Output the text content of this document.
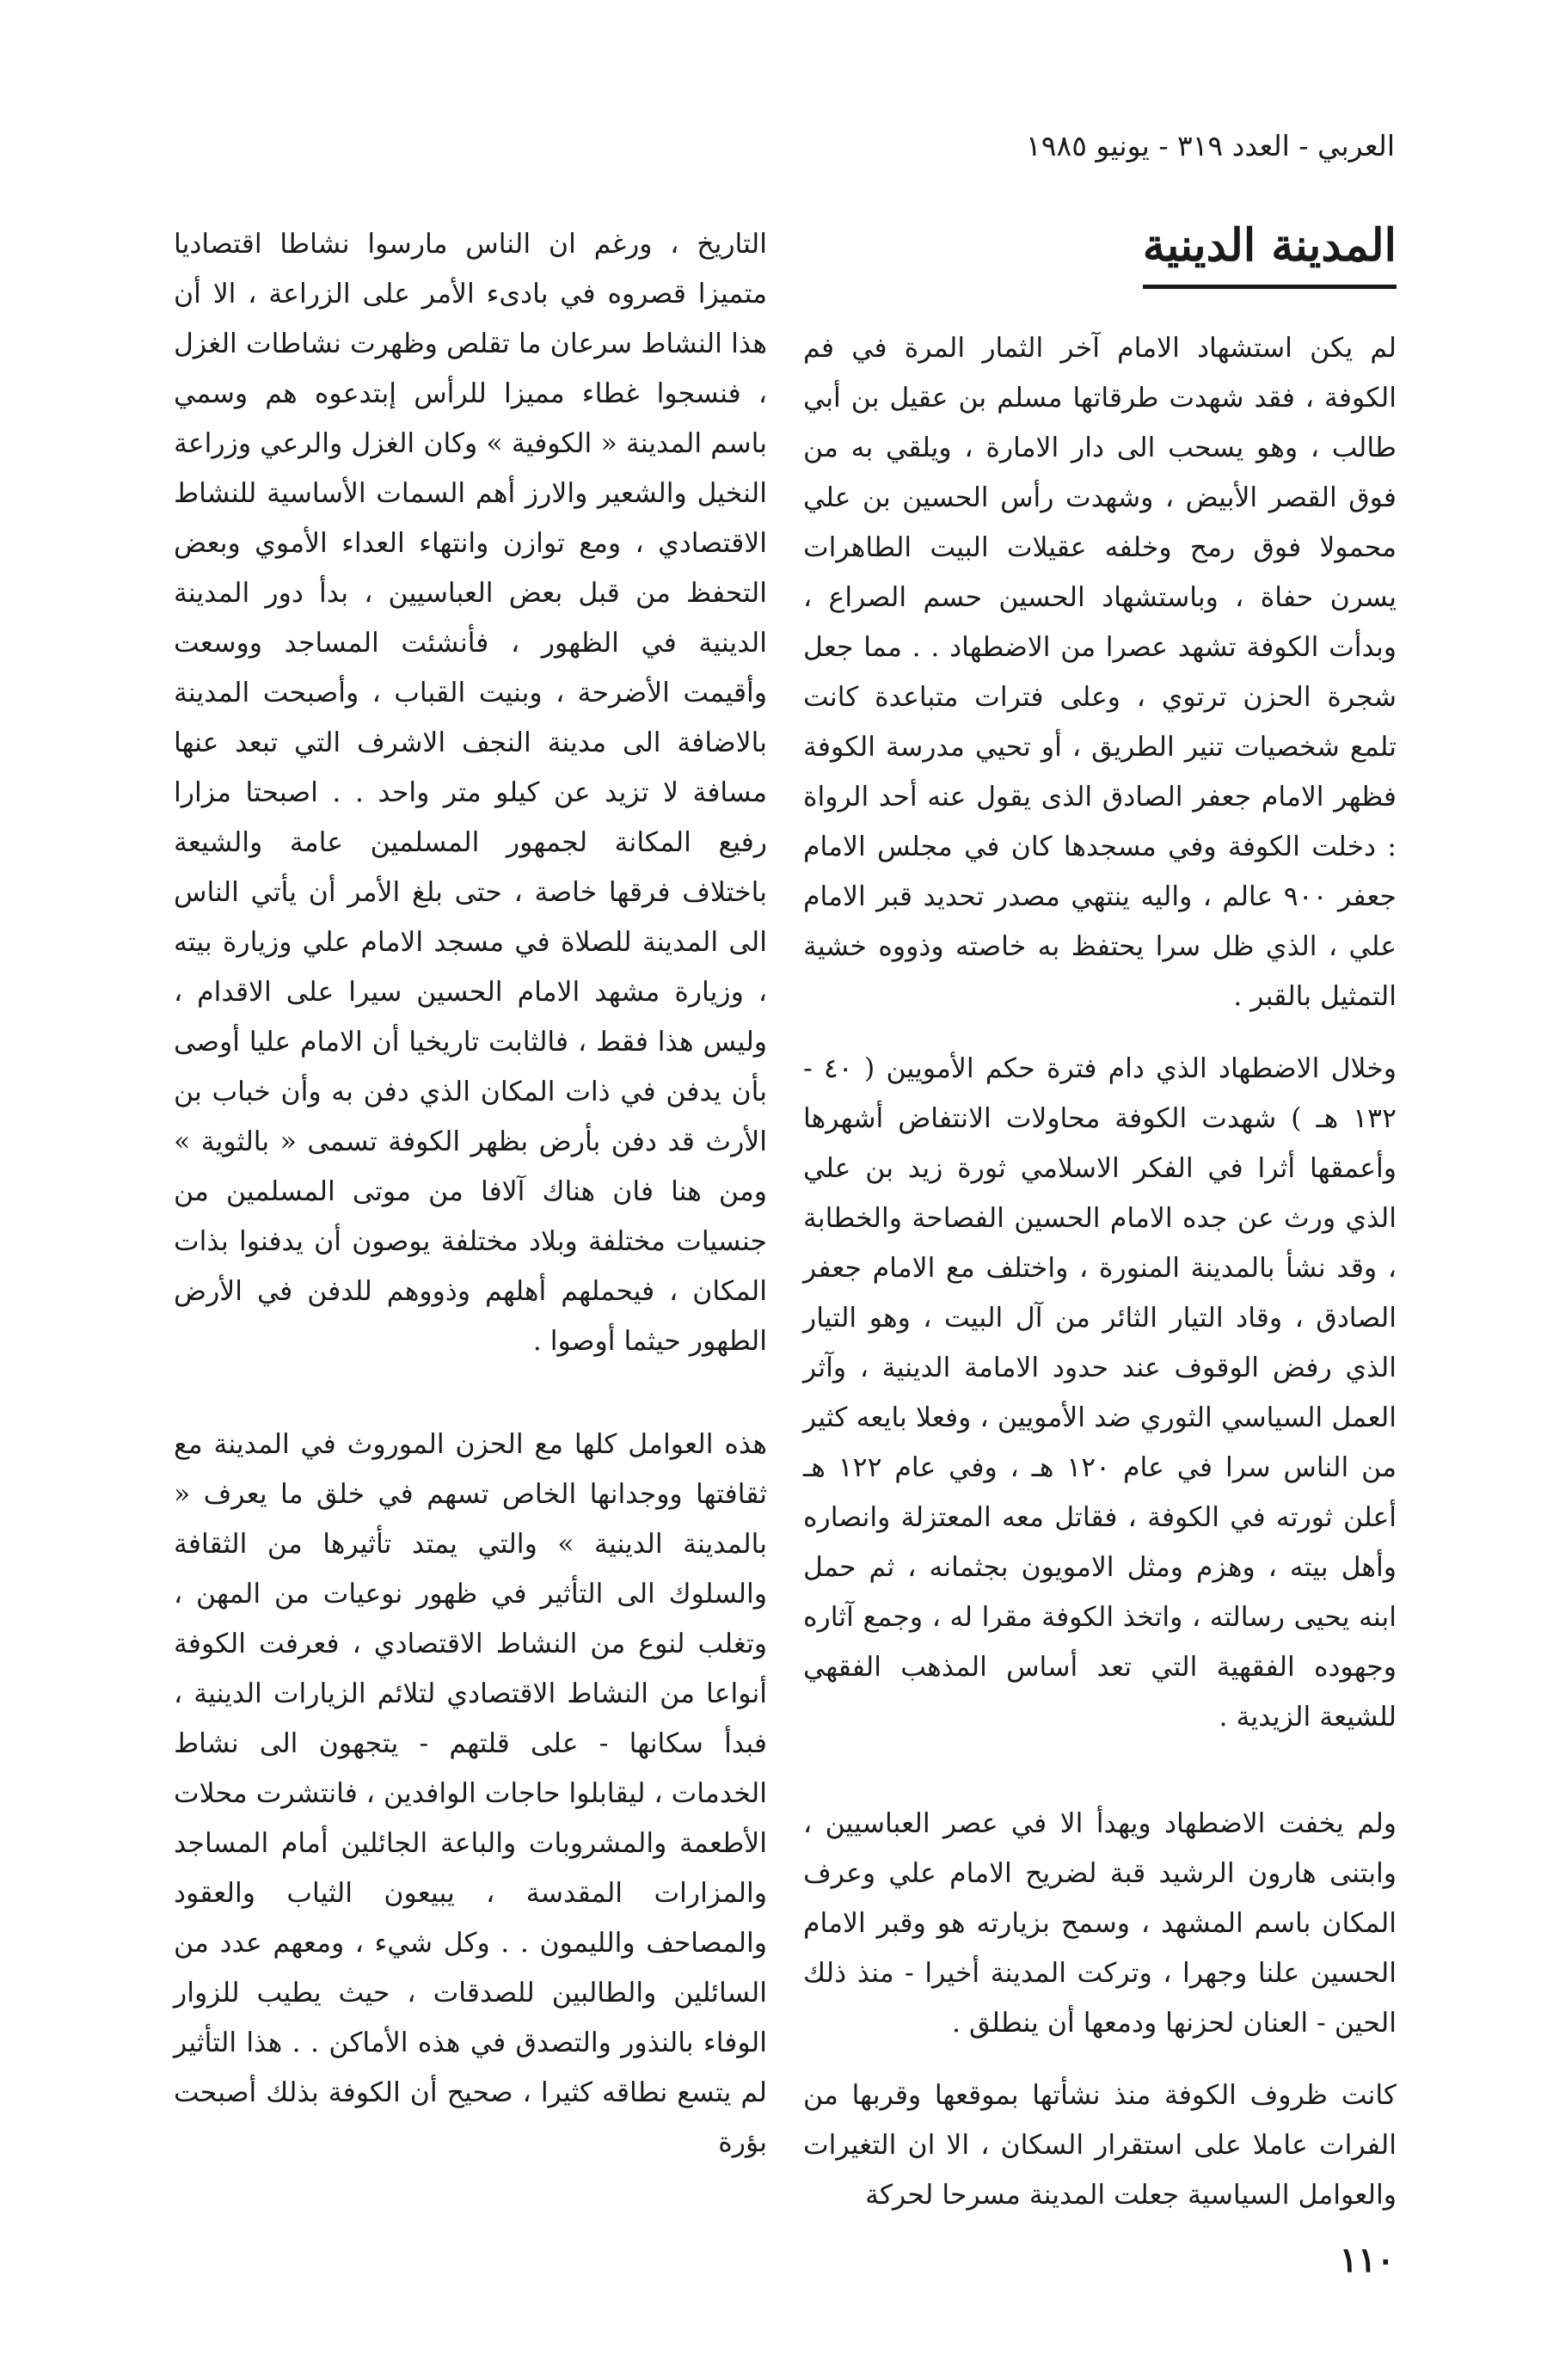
العربي - العدد ٣١٩ - يونيو ١٩٨٥
المدينة الدينية

لم يكن استشهاد الامام آخر الثمار المرة في فم الكوفة ، فقد شهدت طرقاتها مسلم بن عقيل بن أبي طالب ، وهو يسحب الى دار الامارة ، ويلقي به من فوق القصر الأبيض ، وشهدت رأس الحسين بن علي محمولا فوق رمح وخلفه عقيلات البيت الطاهرات يسرن حفاة ، وباستشهاد الحسين حسم الصراع ، وبدأت الكوفة تشهد عصرا من الاضطهاد . . مما جعل شجرة الحزن ترتوي ، وعلى فترات متباعدة كانت تلمع شخصيات تنير الطريق ، أو تحيي مدرسة الكوفة فظهر الامام جعفر الصادق الذى يقول عنه أحد الرواة : دخلت الكوفة وفي مسجدها كان في مجلس الامام جعفر ٩٠٠ عالم ، واليه ينتهي مصدر تحديد قبر الامام علي ، الذي ظل سرا يحتفظ به خاصته وذووه خشية التمثيل بالقبر .

وخلال الاضطهاد الذي دام فترة حكم الأمويين ( ٤٠ - ١٣٢ هـ ) شهدت الكوفة محاولات الانتفاض أشهرها وأعمقها أثرا في الفكر الاسلامي ثورة زيد بن علي الذي ورث عن جده الامام الحسين الفصاحة والخطابة ، وقد نشأ بالمدينة المنورة ، واختلف مع الامام جعفر الصادق ، وقاد التيار الثائر من آل البيت ، وهو التيار الذي رفض الوقوف عند حدود الامامة الدينية ، وآثر العمل السياسي الثوري ضد الأمويين ، وفعلا بايعه كثير من الناس سرا في عام ١٢٠ هـ ، وفي عام ١٢٢ هـ أعلن ثورته في الكوفة ، فقاتل معه المعتزلة وانصاره وأهل بيته ، وهزم ومثل الامويون بجثمانه ، ثم حمل ابنه يحيى رسالته ، واتخذ الكوفة مقرا له ، وجمع آثاره وجهوده الفقهية التي تعد أساس المذهب الفقهي للشيعة الزيدية .

ولم يخفت الاضطهاد ويهدأ الا في عصر العباسيين ، وابتنى هارون الرشيد قبة لضريح الامام علي وعرف المكان باسم المشهد ، وسمح بزيارته هو وقبر الامام الحسين علنا وجهرا ، وتركت المدينة أخيرا - منذ ذلك الحين - العنان لحزنها ودمعها أن ينطلق .

كانت ظروف الكوفة منذ نشأتها بموقعها وقربها من الفرات عاملا على استقرار السكان ، الا ان التغيرات والعوامل السياسية جعلت المدينة مسرحا لحركة

التاريخ ، ورغم ان الناس مارسوا نشاطا اقتصاديا متميزا قصروه في بادىء الأمر على الزراعة ، الا أن هذا النشاط سرعان ما تقلص وظهرت نشاطات الغزل ، فنسجوا غطاء مميزا للرأس إبتدعوه هم وسمي باسم المدينة « الكوفية » وكان الغزل والرعي وزراعة النخيل والشعير والارز أهم السمات الأساسية للنشاط الاقتصادي ، ومع توازن وانتهاء العداء الأموي وبعض التحفظ من قبل بعض العباسيين ، بدأ دور المدينة الدينية في الظهور ، فأنشئت المساجد ووسعت وأقيمت الأضرحة ، وبنيت القباب ، وأصبحت المدينة بالاضافة الى مدينة النجف الاشرف التي تبعد عنها مسافة لا تزيد عن كيلو متر واحد . . اصبحتا مزارا رفيع المكانة لجمهور المسلمين عامة والشيعة باختلاف فرقها خاصة ، حتى بلغ الأمر أن يأتي الناس الى المدينة للصلاة في مسجد الامام علي وزيارة بيته ، وزيارة مشهد الامام الحسين سيرا على الاقدام ، وليس هذا فقط ، فالثابت تاريخيا أن الامام عليا أوصى بأن يدفن في ذات المكان الذي دفن به وأن خباب بن الأرث قد دفن بأرض بظهر الكوفة تسمى « بالثوية » ومن هنا فان هناك آلافا من موتى المسلمين من جنسيات مختلفة وبلاد مختلفة يوصون أن يدفنوا بذات المكان ، فيحملهم أهلهم وذووهم للدفن في الأرض الطهور حيثما أوصوا .

هذه العوامل كلها مع الحزن الموروث في المدينة مع ثقافتها ووجدانها الخاص تسهم في خلق ما يعرف « بالمدينة الدينية » والتي يمتد تأثيرها من الثقافة والسلوك الى التأثير في ظهور نوعيات من المهن ، وتغلب لنوع من النشاط الاقتصادي ، فعرفت الكوفة أنواعا من النشاط الاقتصادي لتلائم الزيارات الدينية ، فبدأ سكانها - على قلتهم - يتجهون الى نشاط الخدمات ، ليقابلوا حاجات الوافدين ، فانتشرت محلات الأطعمة والمشروبات والباعة الجائلين أمام المساجد والمزارات المقدسة ، يبيعون الثياب والعقود والمصاحف والليمون . . وكل شيء ، ومعهم عدد من السائلين والطالبين للصدقات ، حيث يطيب للزوار الوفاء بالنذور والتصدق في هذه الأماكن . . هذا التأثير لم يتسع نطاقه كثيرا ، صحيح أن الكوفة بذلك أصبحت بؤرة

١١٠
